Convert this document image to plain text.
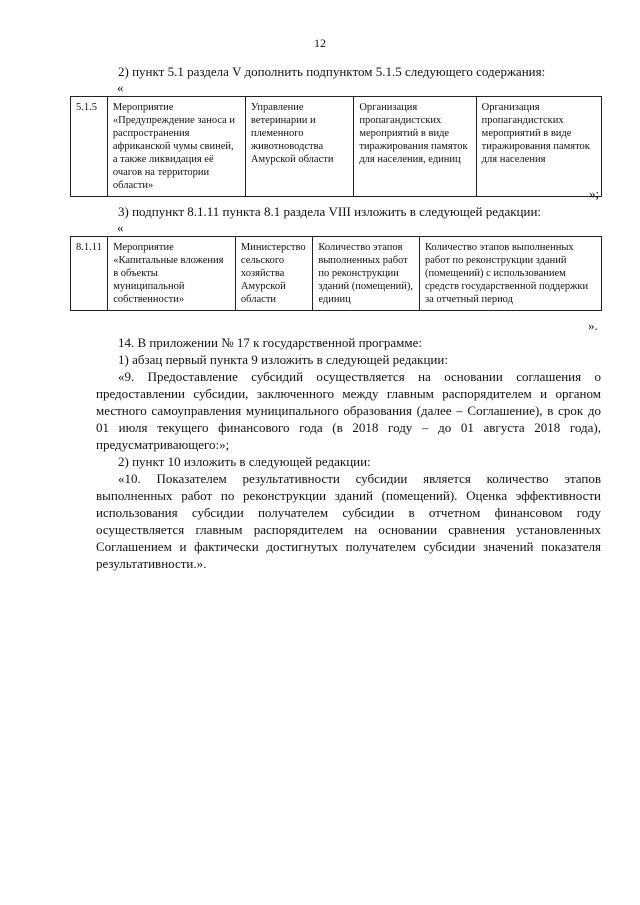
12
2) пункт 5.1 раздела V дополнить подпунктом 5.1.5 следующего содержания:
«
5.1.5	Мероприятие «Предупреждение заноса и распространения африканской чумы свиней, а также ликвидация её очагов на территории области»	Управление ветеринарии и племенного животноводства Амурской области	Организация пропагандистских мероприятий в виде тиражирования памяток для населения, единиц	Организация пропагандистских мероприятий в виде тиражирования памяток для населения
»;
3) подпункт 8.1.11 пункта 8.1 раздела VIII изложить в следующей редакции:
«
8.1.11	Мероприятие «Капитальные вложения в объекты муниципальной собственности»	Министерство сельского хозяйства Амурской области	Количество этапов выполненных работ по реконструкции зданий (помещений), единиц	Количество этапов выполненных работ по реконструкции зданий (помещений) с использованием средств государственной поддержки за отчетный период
».
14. В приложении № 17 к государственной программе:
1) абзац первый пункта 9 изложить в следующей редакции:
«9. Предоставление субсидий осуществляется на основании соглашения о предоставлении субсидии, заключенного между главным распорядителем и органом местного самоуправления муниципального образования (далее – Соглашение), в срок до 01 июля текущего финансового года (в 2018 году – до 01 августа 2018 года), предусматривающего:»;
2) пункт 10 изложить в следующей редакции:
«10. Показателем результативности субсидии является количество этапов выполненных работ по реконструкции зданий (помещений). Оценка эффективности использования субсидии получателем субсидии в отчетном финансовом году осуществляется главным распорядителем на основании сравнения установленных Соглашением и фактически достигнутых получателем субсидии значений показателя результативности.».
